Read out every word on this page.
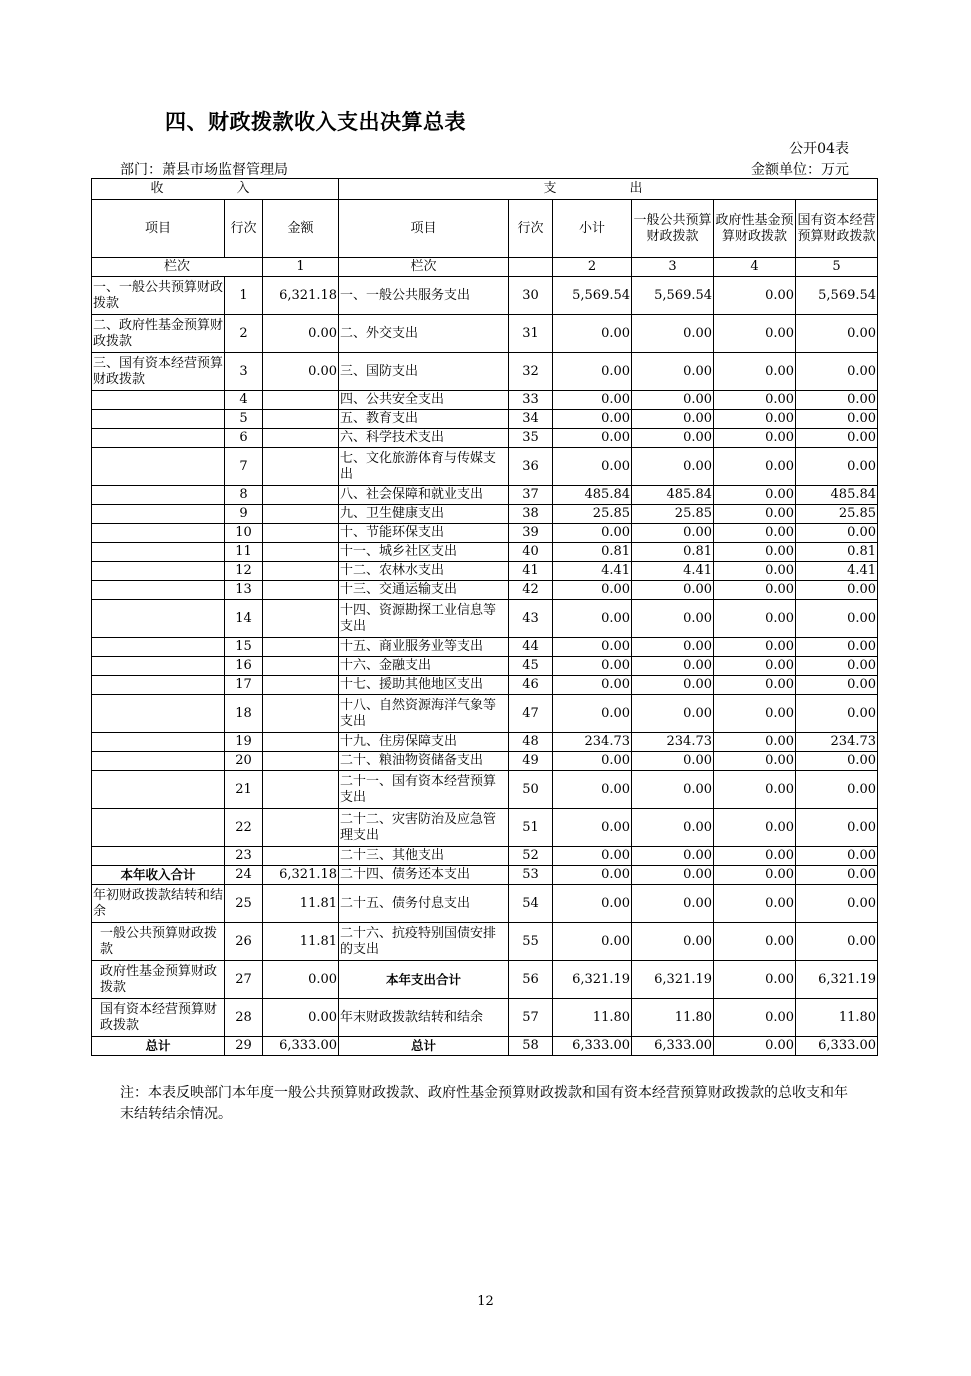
四、财政拨款收入支出决算总表
公开04表
部门：萧县市场监督管理局	金额单位：万元
收　入			支　出					
项目	行次	金额	项目	行次	小计	一般公共预算财政拨款	政府性基金预算财政拨款	国有资本经营预算财政拨款
栏次		1	栏次		2	3	4	5
一、一般公共预算财政拨款	1	6,321.18	一、一般公共服务支出	30	5,569.54	5,569.54	0.00	5,569.54
二、政府性基金预算财政拨款	2	0.00	二、外交支出	31	0.00	0.00	0.00	0.00
三、国有资本经营预算财政拨款	3	0.00	三、国防支出	32	0.00	0.00	0.00	0.00
	4		四、公共安全支出	33	0.00	0.00	0.00	0.00
	5		五、教育支出	34	0.00	0.00	0.00	0.00
	6		六、科学技术支出	35	0.00	0.00	0.00	0.00
	7		七、文化旅游体育与传媒支出	36	0.00	0.00	0.00	0.00
	8		八、社会保障和就业支出	37	485.84	485.84	0.00	485.84
	9		九、卫生健康支出	38	25.85	25.85	0.00	25.85
	10		十、节能环保支出	39	0.00	0.00	0.00	0.00
	11		十一、城乡社区支出	40	0.81	0.81	0.00	0.81
	12		十二、农林水支出	41	4.41	4.41	0.00	4.41
	13		十三、交通运输支出	42	0.00	0.00	0.00	0.00
	14		十四、资源勘探工业信息等支出	43	0.00	0.00	0.00	0.00
	15		十五、商业服务业等支出	44	0.00	0.00	0.00	0.00
	16		十六、金融支出	45	0.00	0.00	0.00	0.00
	17		十七、援助其他地区支出	46	0.00	0.00	0.00	0.00
	18		十八、自然资源海洋气象等支出	47	0.00	0.00	0.00	0.00
	19		十九、住房保障支出	48	234.73	234.73	0.00	234.73
	20		二十、粮油物资储备支出	49	0.00	0.00	0.00	0.00
	21		二十一、国有资本经营预算支出	50	0.00	0.00	0.00	0.00
	22		二十二、灾害防治及应急管理支出	51	0.00	0.00	0.00	0.00
	23		二十三、其他支出	52	0.00	0.00	0.00	0.00
本年收入合计	24	6,321.18	二十四、债务还本支出	53	0.00	0.00	0.00	0.00
年初财政拨款结转和结余	25	11.81	二十五、债务付息支出	54	0.00	0.00	0.00	0.00
一般公共预算财政拨款	26	11.81	二十六、抗疫特别国债安排的支出	55	0.00	0.00	0.00	0.00
政府性基金预算财政拨款	27	0.00	本年支出合计	56	6,321.19	6,321.19	0.00	6,321.19
国有资本经营预算财政拨款	28	0.00	年末财政拨款结转和结余	57	11.80	11.80	0.00	11.80
总计	29	6,333.00	总计	58	6,333.00	6,333.00	0.00	6,333.00
注：本表反映部门本年度一般公共预算财政拨款、政府性基金预算财政拨款和国有资本经营预算财政拨款的总收支和年末结转结余情况。
12
